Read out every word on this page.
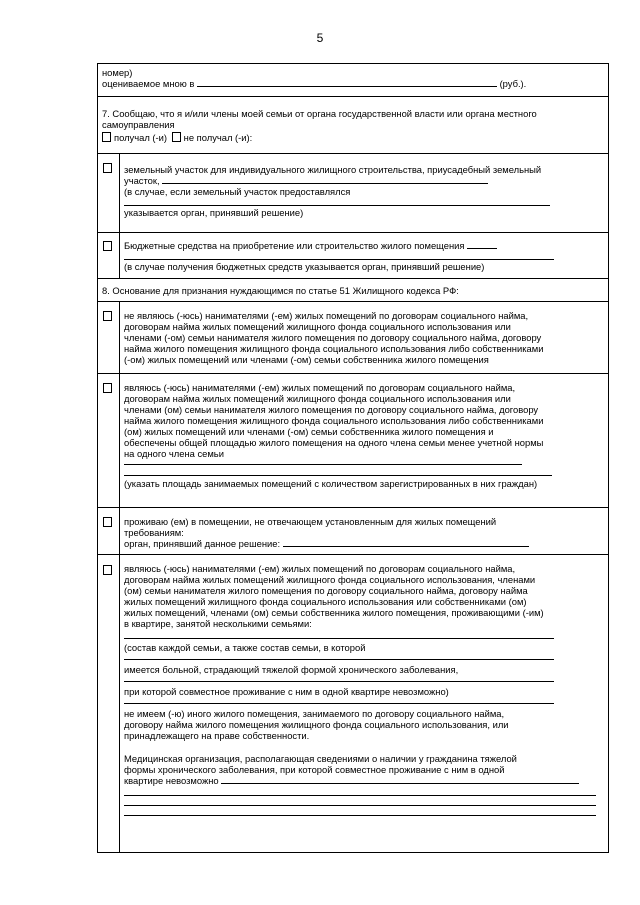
5
номер)
оцениваемое мною в	(руб.).
7. Сообщаю, что я и/или члены моей семьи от органа государственной власти или органа местного
самоуправления
получал (-и) не получал (-и):
земельный участок для индивидуального жилищного строительства, приусадебный земельный
участок,
(в случае, если земельный участок предоставлялся
указывается орган, принявший решение)
Бюджетные средства на приобретение или строительство жилого помещения
(в случае получения бюджетных средств указывается орган, принявший решение)
8. Основание для признания нуждающимся по статье 51 Жилищного кодекса РФ:
не являюсь (-юсь) нанимателями (-ем) жилых помещений по договорам социального найма,
договорам найма жилых помещений жилищного фонда социального использования или
членами (-ом) семьи нанимателя жилого помещения по договору социального найма, договору
найма жилого помещения жилищного фонда социального использования либо собственниками
(-ом) жилых помещений или членами (-ом) семьи собственника жилого помещения
являюсь (-юсь) нанимателями (-ем) жилых помещений по договорам социального найма,
договорам найма жилых помещений жилищного фонда социального использования или
членами (ом) семьи нанимателя жилого помещения по договору социального найма, договору
найма жилого помещения жилищного фонда социального использования либо собственниками
(ом) жилых помещений или членами (-ом) семьи собственника жилого помещения и
обеспечены общей площадью жилого помещения на одного члена семьи менее учетной нормы
на одного члена семьи
(указать площадь занимаемых помещений с количеством зарегистрированных в них граждан)
проживаю (ем) в помещении, не отвечающем установленным для жилых помещений
требованиям:
орган, принявший данное решение:
являюсь (-юсь) нанимателями (-ем) жилых помещений по договорам социального найма,
договорам найма жилых помещений жилищного фонда социального использования, членами
(ом) семьи нанимателя жилого помещения по договору социального найма, договору найма
жилых помещений жилищного фонда социального использования или собственниками (ом)
жилых помещений, членами (ом) семьи собственника жилого помещения, проживающими (-им)
в квартире, занятой несколькими семьями:
(состав каждой семьи, а также состав семьи, в которой
имеется больной, страдающий тяжелой формой хронического заболевания,
при которой совместное проживание с ним в одной квартире невозможно)
не имеем (-ю) иного жилого помещения, занимаемого по договору социального найма,
договору найма жилого помещения жилищного фонда социального использования, или
принадлежащего на праве собственности.
Медицинская организация, располагающая сведениями о наличии у гражданина тяжелой
формы хронического заболевания, при которой совместное проживание с ним в одной
квартире невозможно
